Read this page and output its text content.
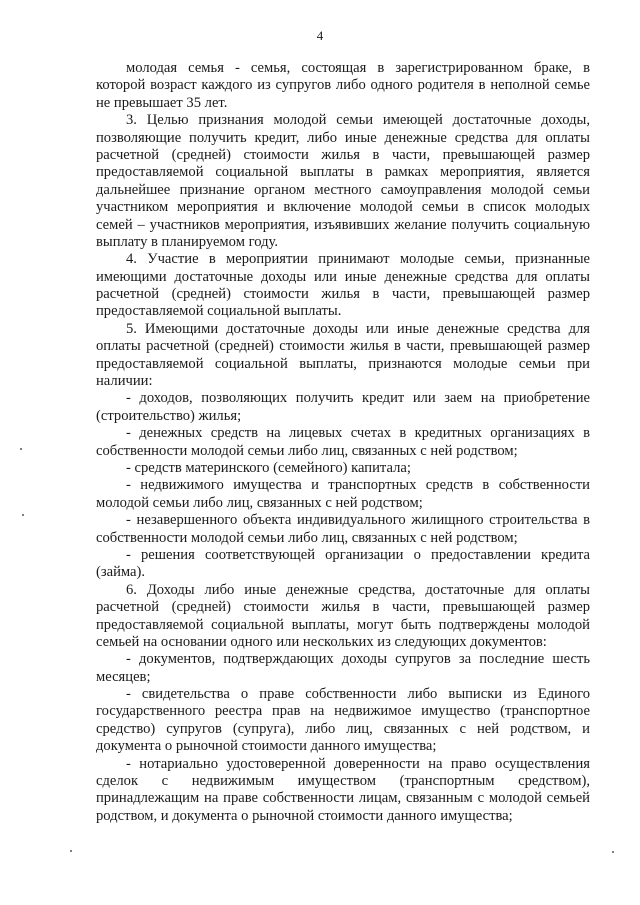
4
молодая семья - семья, состоящая в зарегистрированном браке, в
которой возраст каждого из супругов либо одного родителя в неполной семье
не превышает 35 лет.
3. Целью признания молодой семьи имеющей достаточные доходы,
позволяющие получить кредит, либо иные денежные средства для оплаты
расчетной (средней) стоимости жилья в части, превышающей размер
предоставляемой социальной выплаты в рамках мероприятия, является
дальнейшее признание органом местного самоуправления молодой семьи
участником мероприятия и включение молодой семьи в список молодых
семей – участников мероприятия, изъявивших желание получить социальную
выплату в планируемом году.
4. Участие в мероприятии принимают молодые семьи, признанные
имеющими достаточные доходы или иные денежные средства для оплаты
расчетной (средней) стоимости жилья в части, превышающей размер
предоставляемой социальной выплаты.
5. Имеющими достаточные доходы или иные денежные средства для
оплаты расчетной (средней) стоимости жилья в части, превышающей размер
предоставляемой социальной выплаты, признаются молодые семьи при
наличии:
- доходов, позволяющих получить кредит или заем на приобретение
(строительство) жилья;
- денежных средств на лицевых счетах в кредитных организациях в
собственности молодой семьи либо лиц, связанных с ней родством;
- средств материнского (семейного) капитала;
- недвижимого имущества и транспортных средств в собственности
молодой семьи либо лиц, связанных с ней родством;
- незавершенного объекта индивидуального жилищного строительства в
собственности молодой семьи либо лиц, связанных с ней родством;
- решения соответствующей организации о предоставлении кредита
(займа).
6. Доходы либо иные денежные средства, достаточные для оплаты
расчетной (средней) стоимости жилья в части, превышающей размер
предоставляемой социальной выплаты, могут быть подтверждены молодой
семьей на основании одного или нескольких из следующих документов:
- документов, подтверждающих доходы супругов за последние шесть
месяцев;
- свидетельства о праве собственности либо выписки из Единого
государственного реестра прав на недвижимое имущество (транспортное
средство) супругов (супруга), либо лиц, связанных с ней родством, и
документа о рыночной стоимости данного имущества;
- нотариально удостоверенной доверенности на право осуществления
сделок с недвижимым имуществом (транспортным средством),
принадлежащим на праве собственности лицам, связанным с молодой семьей
родством, и документа о рыночной стоимости данного имущества;
